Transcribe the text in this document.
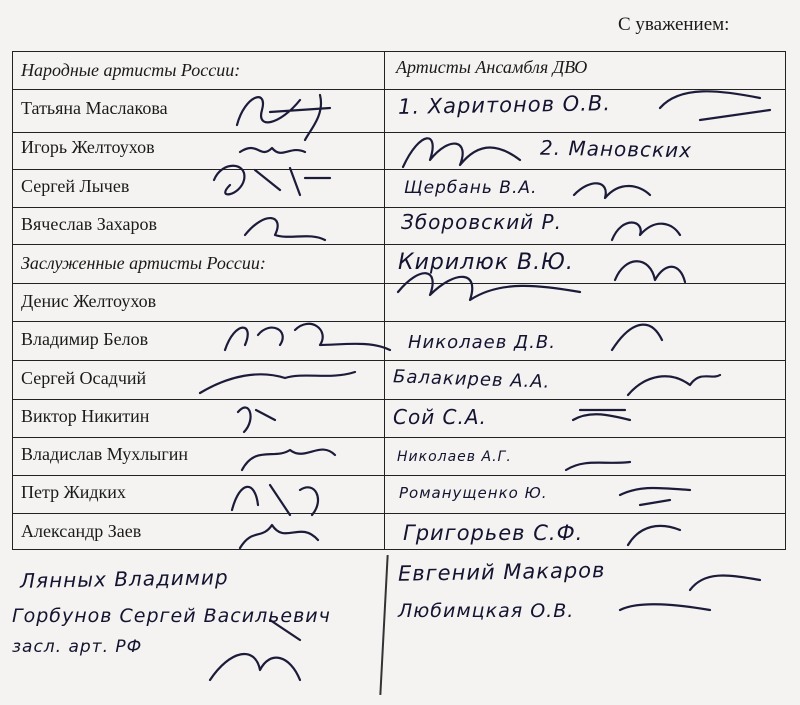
С уважением:
Народные артисты России:	Артисты Ансамбля ДВО
Татьяна Маслакова
Игорь Желтоухов
Сергей Лычев
Вячеслав Захаров
Заслуженные артисты России:
Денис Желтоухов
Владимир Белов
Сергей Осадчий
Виктор Никитин
Владислав Мухлыгин
Петр Жидких
Александр Заев
1. Харитонов О.В.
2. Мановских
Щербань В.А.
Зборовский Р.
Кирилюк В.Ю.
Николаев Д.В.
Балакирев А.А.
Сой С.А.
Николаев А.Г.
Романущенко Ю.
Григорьев С.Ф.
Лянных Владимир
Горбунов Сергей Васильевич
засл. арт. РФ
Евгений Макаров
Любимцкая О.В.
